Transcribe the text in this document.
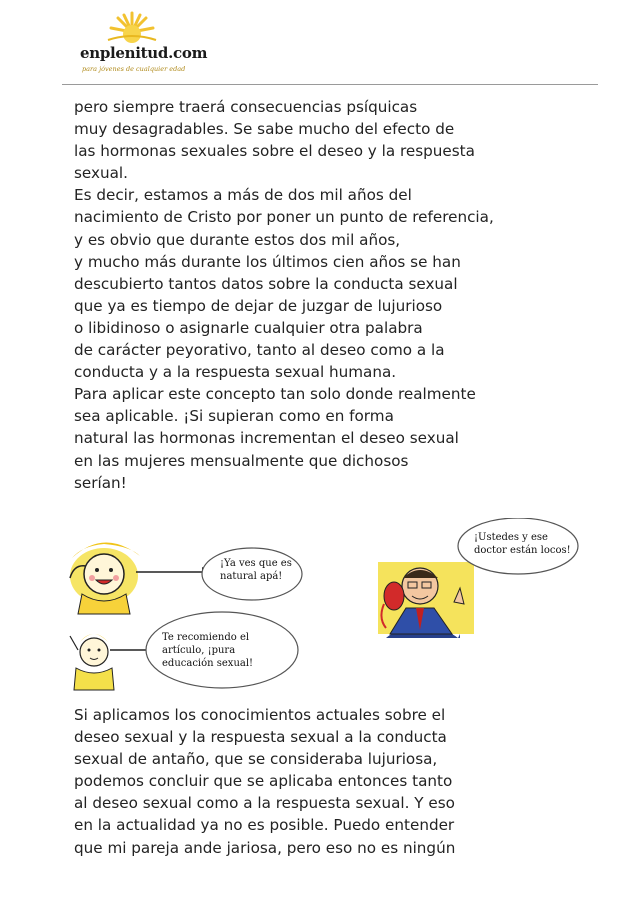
enplenitud.com
para jóvenes de cualquier edad
pero siempre traerá consecuencias psíquicas
muy desagradables. Se sabe mucho del efecto de
las hormonas sexuales sobre el deseo y la respuesta
sexual.
Es decir, estamos a más de dos mil años del
nacimiento de Cristo por poner un punto de referencia,
y es obvio que durante estos dos mil años,
y mucho más durante los últimos cien años se han
descubierto tantos datos sobre la conducta sexual
que ya es tiempo de dejar de juzgar de lujurioso
o libidinoso o asignarle cualquier otra palabra
de carácter peyorativo, tanto al deseo como a la
conducta y a la respuesta sexual humana.
Para aplicar este concepto tan solo donde realmente
sea aplicable. ¡Si supieran como en forma
natural las hormonas incrementan el deseo sexual
en las mujeres mensualmente que dichosos
serían!
¡Ya ves que es
natural apá!
Te recomiendo el
artículo, ¡pura
educación sexual!
¡Ustedes y ese
doctor están locos!
Si aplicamos los conocimientos actuales sobre el
deseo sexual y la respuesta sexual a la conducta
sexual de antaño, que se consideraba lujuriosa,
podemos concluir que se aplicaba entonces tanto
al deseo sexual como a la respuesta sexual. Y eso
en la actualidad ya no es posible. Puedo entender
que mi pareja ande jariosa, pero eso no es ningún
